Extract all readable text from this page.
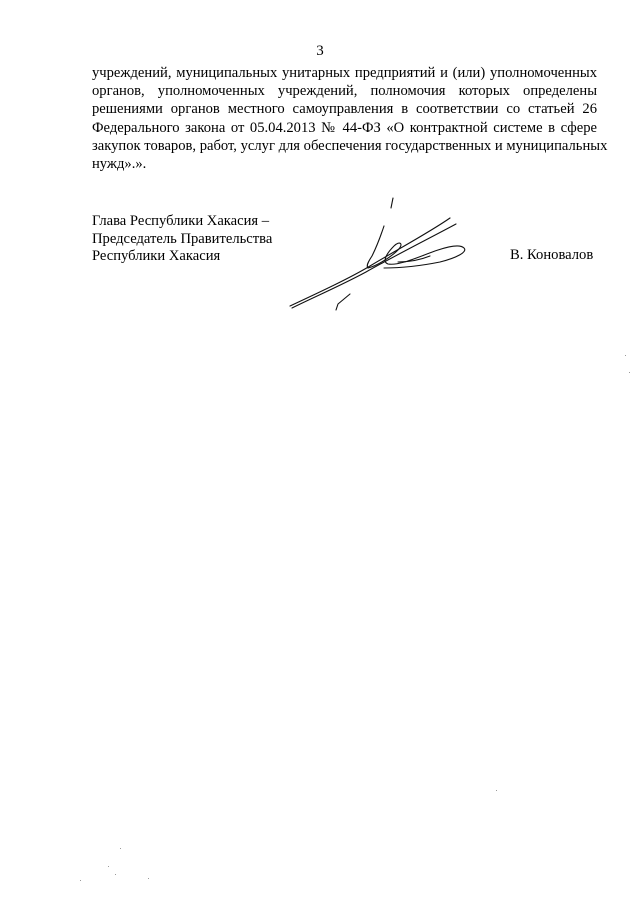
3
учреждений, муниципальных унитарных предприятий и (или) уполномоченных
органов, уполномоченных учреждений, полномочия которых определены
решениями органов местного самоуправления в соответствии со статьей 26
Федерального закона от 05.04.2013 № 44-ФЗ «О контрактной системе в сфере
закупок товаров, работ, услуг для обеспечения государственных и муниципальных
нужд».».
Глава Республики Хакасия –
Председатель Правительства
Республики Хакасия	В. Коновалов
